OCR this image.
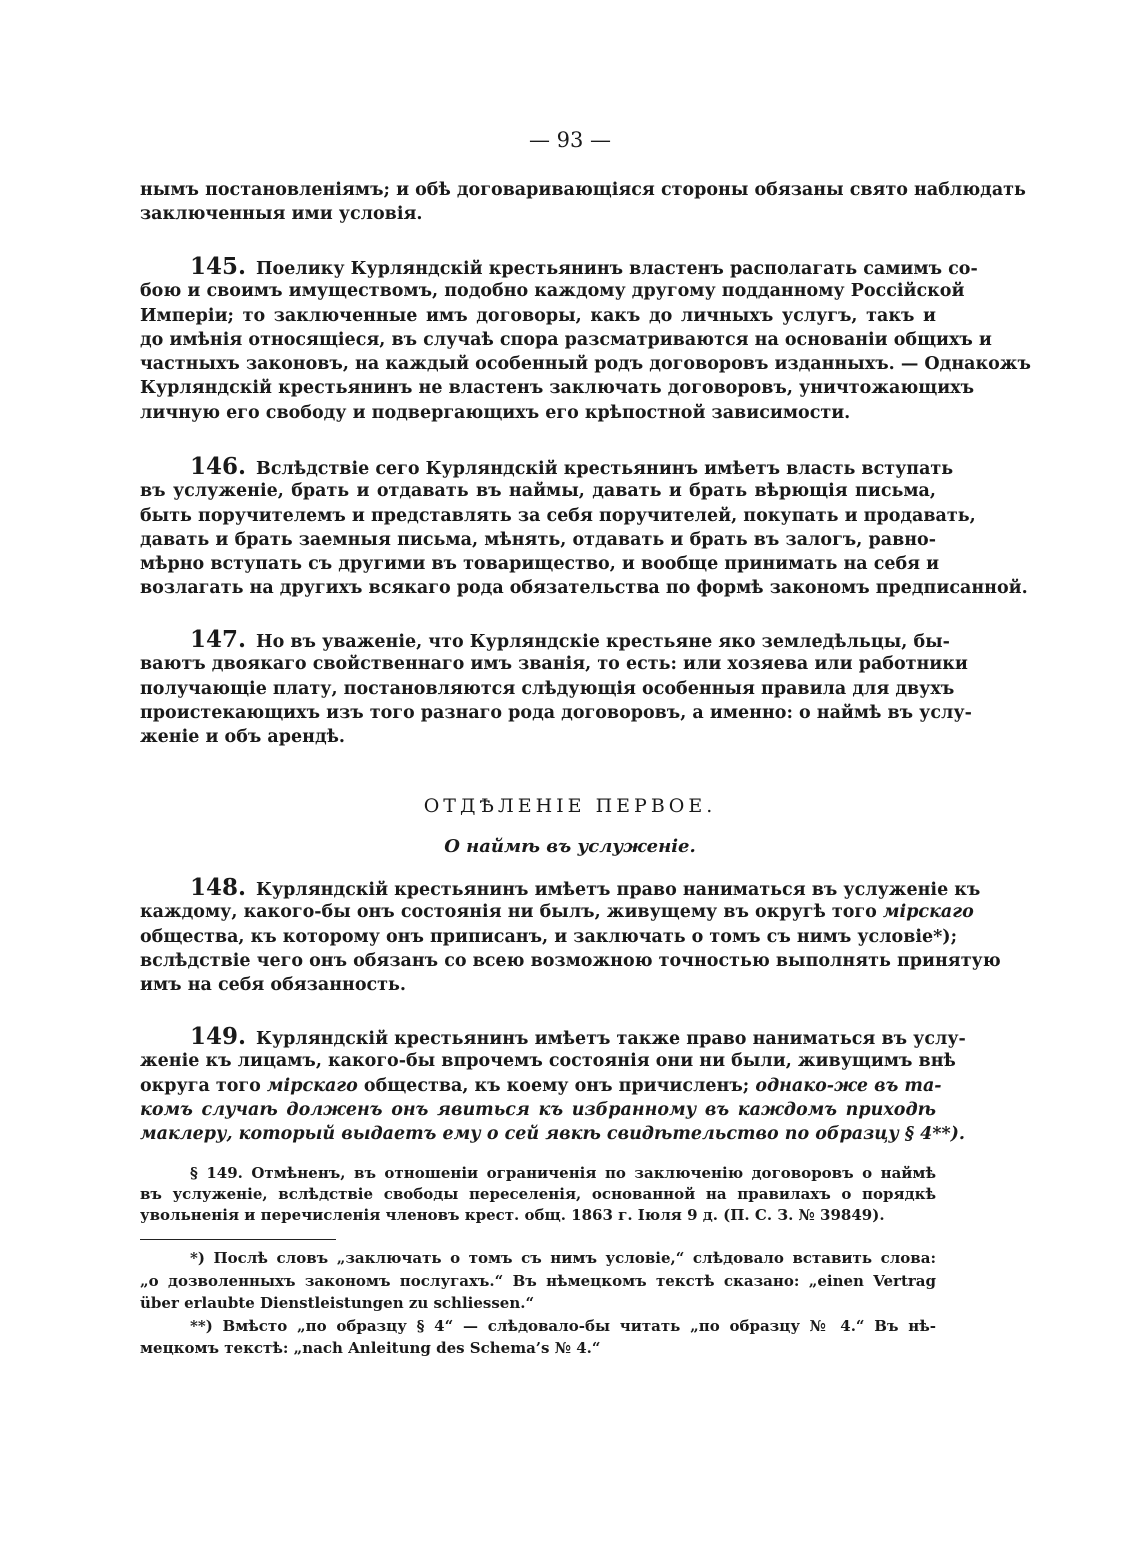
— 93 —
нымъ постановленіямъ; и обѣ договаривающіяся стороны обязаны свято наблюдать
заключенныя ими условія.
145. Поелику Курляндскій крестьянинъ властенъ располагать самимъ со-
бою и своимъ имуществомъ, подобно каждому другому подданному Россійской
Имперіи; то заключенные имъ договоры, какъ до личныхъ услугъ, такъ и
до имѣнія относящіеся, въ случаѣ спора разсматриваются на основаніи общихъ и
частныхъ законовъ, на каждый особенный родъ договоровъ изданныхъ. — Однакожъ
Курляндскій крестьянинъ не властенъ заключать договоровъ, уничтожающихъ
личную его свободу и подвергающихъ его крѣпостной зависимости.
146. Вслѣдствіе сего Курляндскій крестьянинъ имѣетъ власть вступать
въ услуженіе, брать и отдавать въ наймы, давать и брать вѣрющія письма,
быть поручителемъ и представлять за себя поручителей, покупать и продавать,
давать и брать заемныя письма, мѣнять, отдавать и брать въ залогъ, равно-
мѣрно вступать съ другими въ товарищество, и вообще принимать на себя и
возлагать на другихъ всякаго рода обязательства по формѣ закономъ предписанной.
147. Но въ уваженіе, что Курляндскіе крестьяне яко земледѣльцы, бы-
ваютъ двоякаго свойственнаго имъ званія, то есть: или хозяева или работники
получающіе плату, постановляются слѣдующія особенныя правила для двухъ
проистекающихъ изъ того разнаго рода договоровъ, а именно: о наймѣ въ услу-
женіе и объ арендѣ.
ОТДѢЛЕНІЕ ПЕРВОЕ.
О наймѣ въ услуженіе.
148. Курляндскій крестьянинъ имѣетъ право наниматься въ услуженіе къ
каждому, какого-бы онъ состоянія ни былъ, живущему въ округѣ того мірскаго
общества, къ которому онъ приписанъ, и заключать о томъ съ нимъ условіе*);
вслѣдствіе чего онъ обязанъ со всею возможною точностью выполнять принятую
имъ на себя обязанность.
149. Курляндскій крестьянинъ имѣетъ также право наниматься въ услу-
женіе къ лицамъ, какого-бы впрочемъ состоянія они ни были, живущимъ внѣ
округа того мірскаго общества, къ коему онъ причисленъ; однако-же въ та-
комъ случаѣ долженъ онъ явиться къ избранному въ каждомъ приходѣ
маклеру, который выдаетъ ему о сей явкѣ свидѣтельство по образцу § 4**).
§ 149. Отмѣненъ, въ отношеніи ограниченія по заключенію договоровъ о наймѣ
въ услуженіе, вслѣдствіе свободы переселенія, основанной на правилахъ о порядкѣ
увольненія и перечисленія членовъ крест. общ. 1863 г. Іюля 9 д. (П. С. З. № 39849).
*) Послѣ словъ „заключать о томъ съ нимъ условіе,“ слѣдовало вставить слова:
„о дозволенныхъ закономъ послугахъ.“ Въ нѣмецкомъ текстѣ сказано: „einen Vertrag
über erlaubte Dienstleistungen zu schliessen.“
**) Вмѣсто „по образцу § 4“ — слѣдовало-бы читать „по образцу № 4.“ Въ нѣ-
мецкомъ текстѣ: „nach Anleitung des Schema’s № 4.“
